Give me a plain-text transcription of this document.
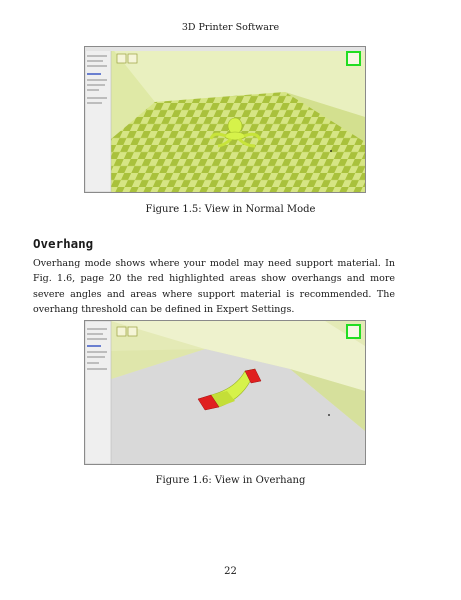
3D Printer Software
Figure 1.5: View in Normal Mode
Overhang
Overhang mode shows where your model may need support material. In Fig. 1.6, page 20 the red highlighted areas show overhangs and more severe angles and areas where support material is recommended. The overhang threshold can be defined in Expert Settings.
Figure 1.6: View in Overhang
22
